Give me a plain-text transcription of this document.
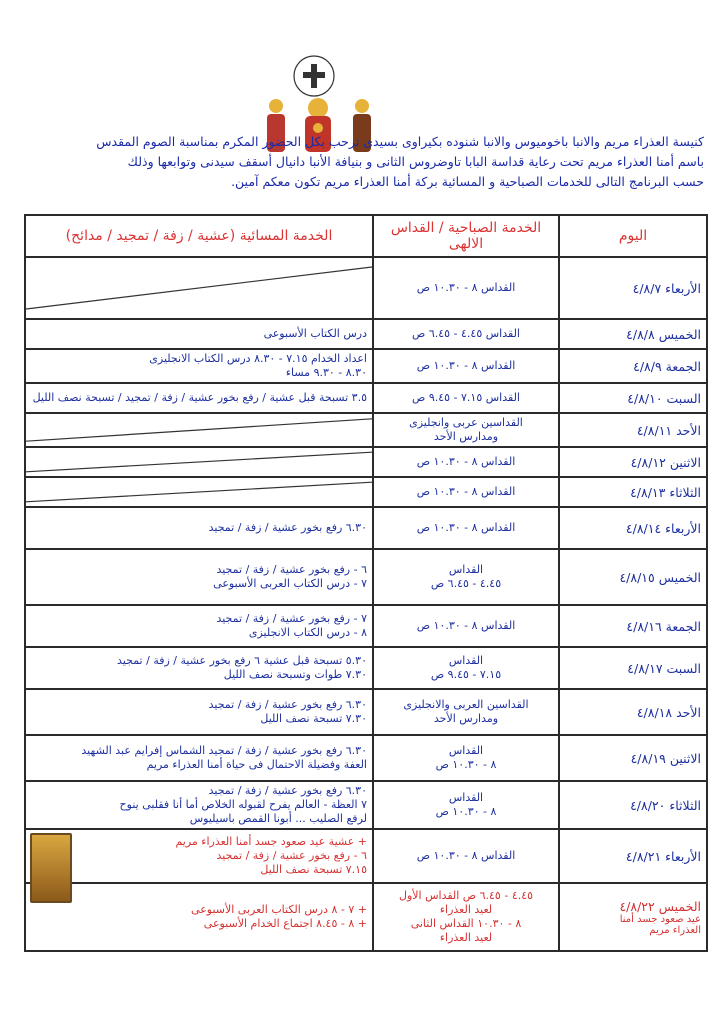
كنيسة العذراء مريم والانبا باخوميوس والانبا شنوده بكيراوى بسيدى ترحب بكل الحضور المكرم بمناسبة الصوم المقدس
باسم أمنا العذراء مريم تحت رعاية قداسة البابا تاوضروس الثانى و بنيافة الأنبا دانيال أسقف سيدنى وتوابعها وذلك
حسب البرنامج التالى للخدمات الصباحية و المسائية بركة أمنا العذراء مريم تكون معكم آمين.
اليوم	الخدمة الصباحية / القداس الالهى	الخدمة المسائية (عشية / زفة / تمجيد / مدائح)

الأربعاء ٤/٨/٧	القداس ٨ - ١٠.٣٠ ص

الخميس ٤/٨/٨	القداس ٤.٤٥ - ٦.٤٥ ص	درس الكتاب الأسبوعى

الجمعة ٤/٨/٩	القداس ٨ - ١٠.٣٠ ص	اعداد الخدام ٧.١٥ - ٨.٣٠ درس الكتاب الانجليزى
٨.٣٠ - ٩.٣٠ مساء

السبت ٤/٨/١٠	القداس ٧.١٥ - ٩.٤٥ ص	٣.٥ تسبحة قبل عشية / رفع بخور عشية / زفة / تمجيد / تسبحة نصف الليل

الأحد ٤/٨/١١	القداسين عربى وانجليزى
ومدارس الأحد

الاثنين ٤/٨/١٢	القداس ٨ - ١٠.٣٠ ص

الثلاثاء ٤/٨/١٣	القداس ٨ - ١٠.٣٠ ص

الأربعاء ٤/٨/١٤	القداس ٨ - ١٠.٣٠ ص	٦.٣٠ رفع بخور عشية / زفة / تمجيد

الخميس ٤/٨/١٥	القداس
٤.٤٥ - ٦.٤٥ ص	٦ - رفع بخور عشية / زفة / تمجيد
٧ - درس الكتاب العربى الأسبوعى

الجمعة ٤/٨/١٦	القداس ٨ - ١٠.٣٠ ص	٧ - رفع بخور عشية / زفة / تمجيد
٨ - درس الكتاب الانجليزى

السبت ٤/٨/١٧	القداس
٧.١٥ - ٩.٤٥ ص	٥.٣٠ تسبحة قبل عشية ٦ رفع بخور عشية / زفة / تمجيد
٧.٣٠ طوات وتسبحة نصف الليل

الأحد ٤/٨/١٨	القداسين العربى والانجليزى
ومدارس الأحد	٦.٣٠ رفع بخور عشية / زفة / تمجيد
٧.٣٠ تسبحة نصف الليل

الاثنين ٤/٨/١٩	القداس
٨ - ١٠.٣٠ ص	٦.٣٠ رفع بخور عشية / زفة / تمجيد الشماس إفرايم عبد الشهيد
العفة وفضيلة الاحتمال فى حياة أمنا العذراء مريم

الثلاثاء ٤/٨/٢٠	القداس
٨ - ١٠.٣٠ ص	٦.٣٠ رفع بخور عشية / زفة / تمجيد
٧ العظة - العالم يفرح لقبوله الخلاص أما أنا فقلبى ينوح
لرفع الصليب ... أبونا القمص باسيليوس

الأربعاء ٤/٨/٢١	القداس ٨ - ١٠.٣٠ ص	+ عشية عيد صعود جسد أمنا العذراء مريم
٦ - رفع بخور عشية / زفة / تمجيد
٧.١٥ تسبحة نصف الليل

الخميس ٤/٨/٢٢
عيد صعود جسد أمنا
العذراء مريم	٤.٤٥ - ٦.٤٥ ص القداس الأول
لعيد العذراء
٨ - ١٠.٣٠ القداس الثانى
لعيد العذراء	+ ٧ - ٨ درس الكتاب العربى الأسبوعى
+ ٨ - ٨.٤٥ اجتماع الخدام الأسبوعى
